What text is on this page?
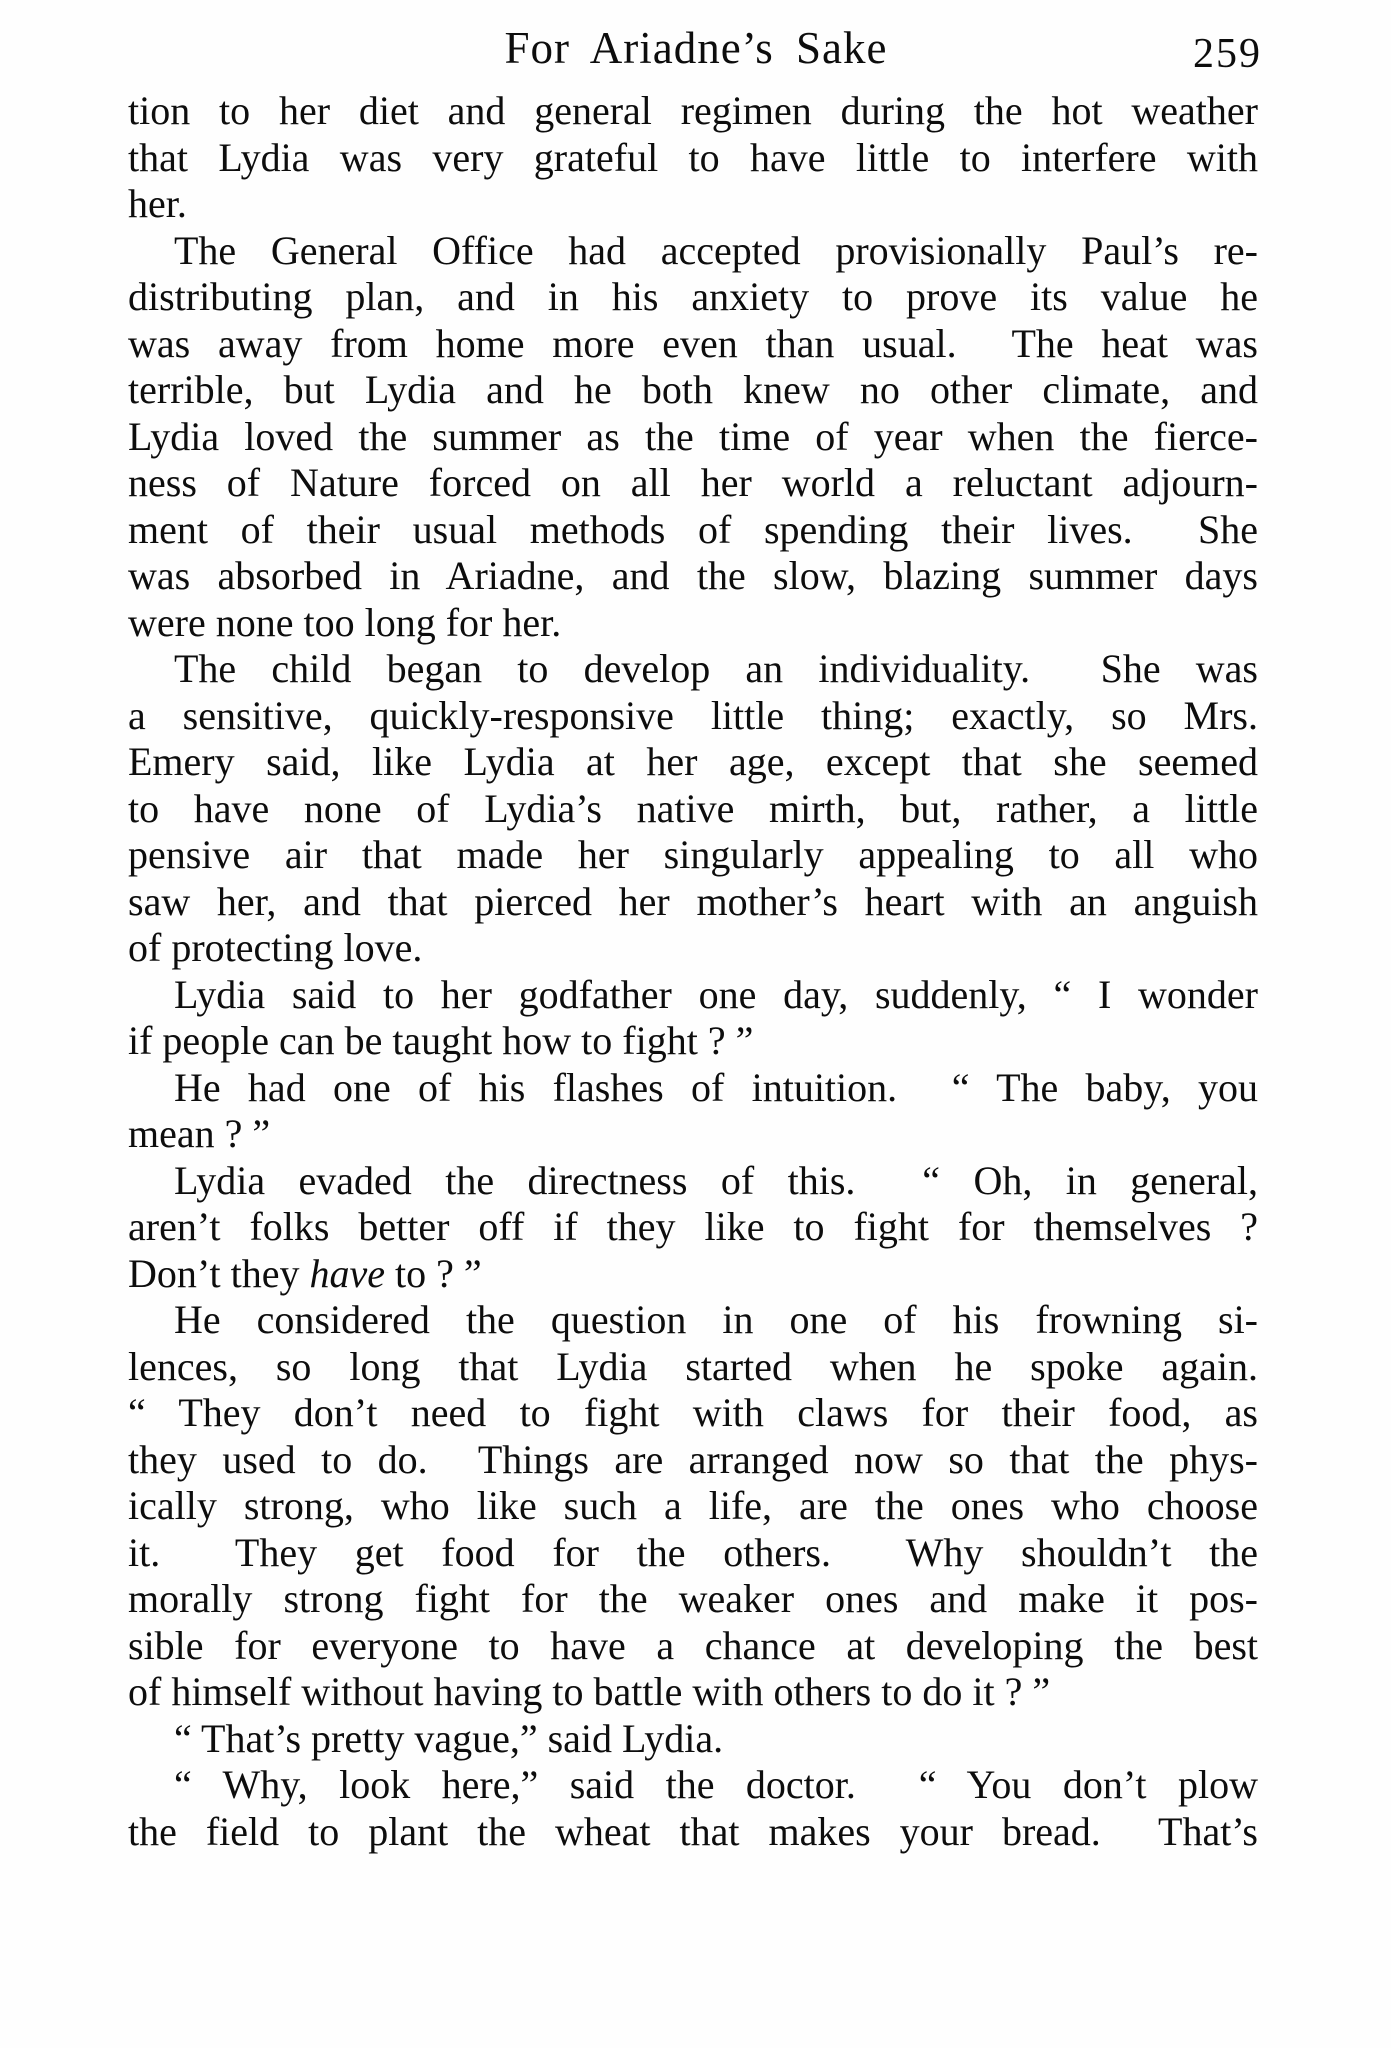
For Ariadne’s Sake	259
tion to her diet and general regimen during the hot weather
that Lydia was very grateful to have little to interfere with
her.
The General Office had accepted provisionally Paul’s re-
distributing plan, and in his anxiety to prove its value he
was away from home more even than usual.  The heat was
terrible, but Lydia and he both knew no other climate, and
Lydia loved the summer as the time of year when the fierce-
ness of Nature forced on all her world a reluctant adjourn-
ment of their usual methods of spending their lives.  She
was absorbed in Ariadne, and the slow, blazing summer days
were none too long for her.
The child began to develop an individuality.  She was
a sensitive, quickly-responsive little thing; exactly, so Mrs.
Emery said, like Lydia at her age, except that she seemed
to have none of Lydia’s native mirth, but, rather, a little
pensive air that made her singularly appealing to all who
saw her, and that pierced her mother’s heart with an anguish
of protecting love.
Lydia said to her godfather one day, suddenly, “ I wonder
if people can be taught how to fight ? ”
He had one of his flashes of intuition.  “ The baby, you
mean ? ”
Lydia evaded the directness of this.  “ Oh, in general,
aren’t folks better off if they like to fight for themselves ?
Don’t they have to ? ”
He considered the question in one of his frowning si-
lences, so long that Lydia started when he spoke again.
“ They don’t need to fight with claws for their food, as
they used to do.  Things are arranged now so that the phys-
ically strong, who like such a life, are the ones who choose
it.  They get food for the others.  Why shouldn’t the
morally strong fight for the weaker ones and make it pos-
sible for everyone to have a chance at developing the best
of himself without having to battle with others to do it ? ”
“ That’s pretty vague,” said Lydia.
“ Why, look here,” said the doctor.  “ You don’t plow
the field to plant the wheat that makes your bread.  That’s
